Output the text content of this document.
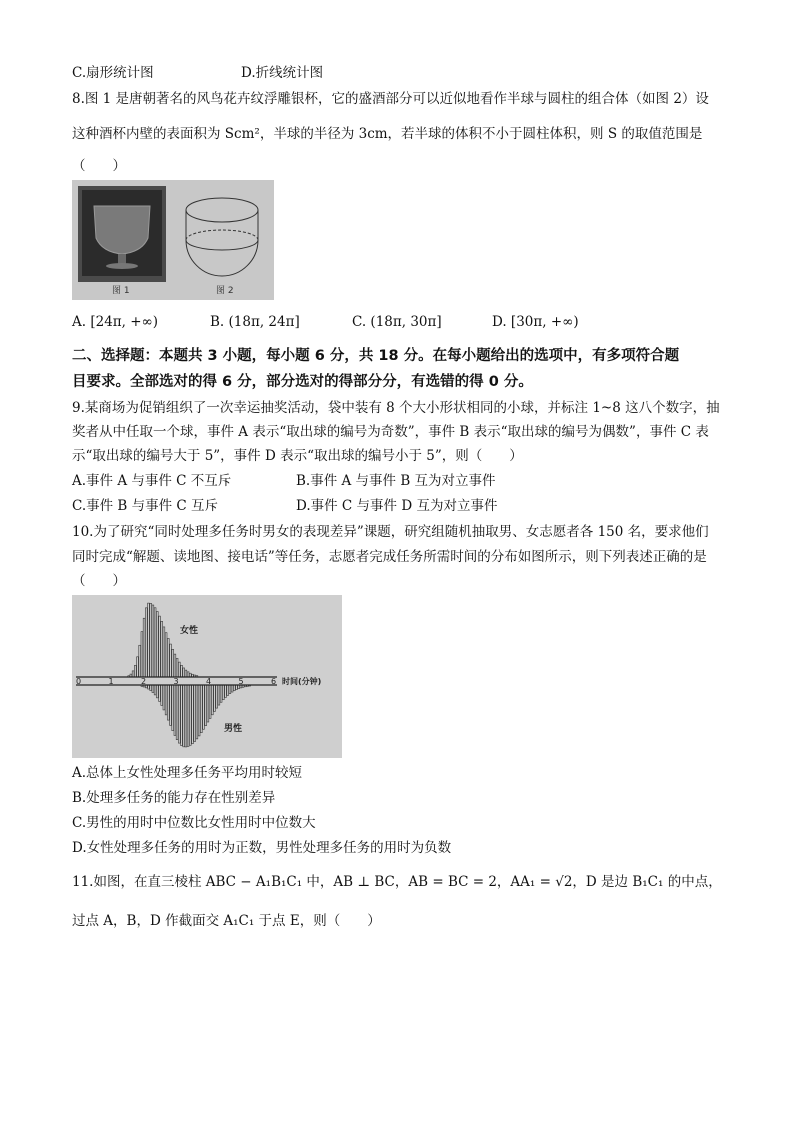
C.扇形统计图	D.折线统计图
8.图 1 是唐朝著名的风鸟花卉纹浮雕银杯，它的盛酒部分可以近似地看作半球与圆柱的组合体（如图 2）设
这种酒杯内壁的表面积为 Scm²，半球的半径为 3cm，若半球的体积不小于圆柱体积，则 S 的取值范围是
（　　）
图 1	图 2
A. [24π, +∞)	B. (18π, 24π]	C. (18π, 30π]	D. [30π, +∞)
二、选择题：本题共 3 小题，每小题 6 分，共 18 分。在每小题给出的选项中，有多项符合题
目要求。全部选对的得 6 分，部分选对的得部分分，有选错的得 0 分。
9.某商场为促销组织了一次幸运抽奖活动，袋中装有 8 个大小形状相同的小球，并标注 1~8 这八个数字，抽
奖者从中任取一个球，事件 A 表示“取出球的编号为奇数”，事件 B 表示“取出球的编号为偶数”，事件 C 表
示“取出球的编号大于 5”，事件 D 表示“取出球的编号小于 5”，则（　　）
A.事件 A 与事件 C 不互斥	B.事件 A 与事件 B 互为对立事件
C.事件 B 与事件 C 互斥	D.事件 C 与事件 D 互为对立事件
10.为了研究“同时处理多任务时男女的表现差异”课题，研究组随机抽取男、女志愿者各 150 名，要求他们
同时完成“解题、读地图、接电话”等任务，志愿者完成任务所需时间的分布如图所示，则下列表述正确的是
（　　）
0	1	2	3	4	5	6
女性
男性
时间(分钟)
A.总体上女性处理多任务平均用时较短
B.处理多任务的能力存在性别差异
C.男性的用时中位数比女性用时中位数大
D.女性处理多任务的用时为正数，男性处理多任务的用时为负数
11.如图，在直三棱柱 ABC − A₁B₁C₁ 中，AB ⊥ BC，AB = BC = 2，AA₁ = √2，D 是边 B₁C₁ 的中点，
过点 A，B，D 作截面交 A₁C₁ 于点 E，则（　　）
